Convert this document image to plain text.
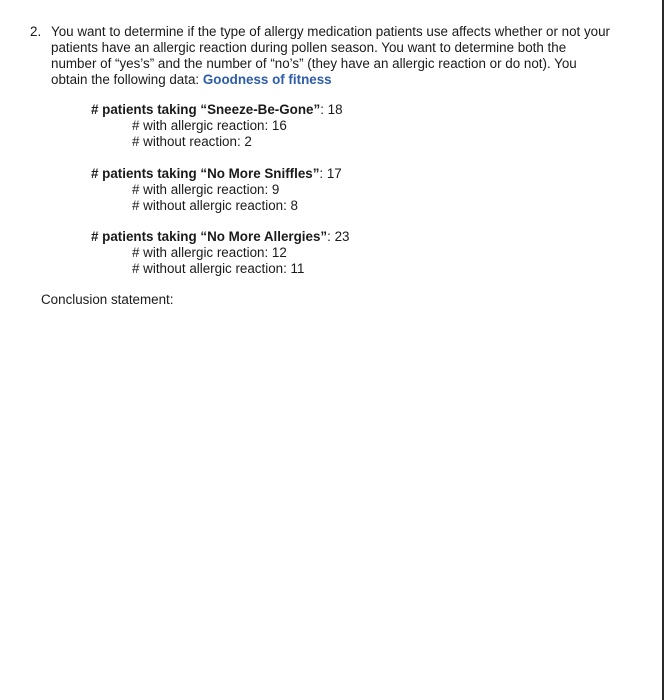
2. You want to determine if the type of allergy medication patients use affects whether or not your
patients have an allergic reaction during pollen season. You want to determine both the
number of “yes’s” and the number of “no’s” (they have an allergic reaction or do not). You
obtain the following data: Goodness of fitness
# patients taking “Sneeze-Be-Gone”: 18
# with allergic reaction: 16
# without reaction: 2
# patients taking “No More Sniffles”: 17
# with allergic reaction: 9
# without allergic reaction: 8
# patients taking “No More Allergies”: 23
# with allergic reaction: 12
# without allergic reaction: 11
Conclusion statement:
